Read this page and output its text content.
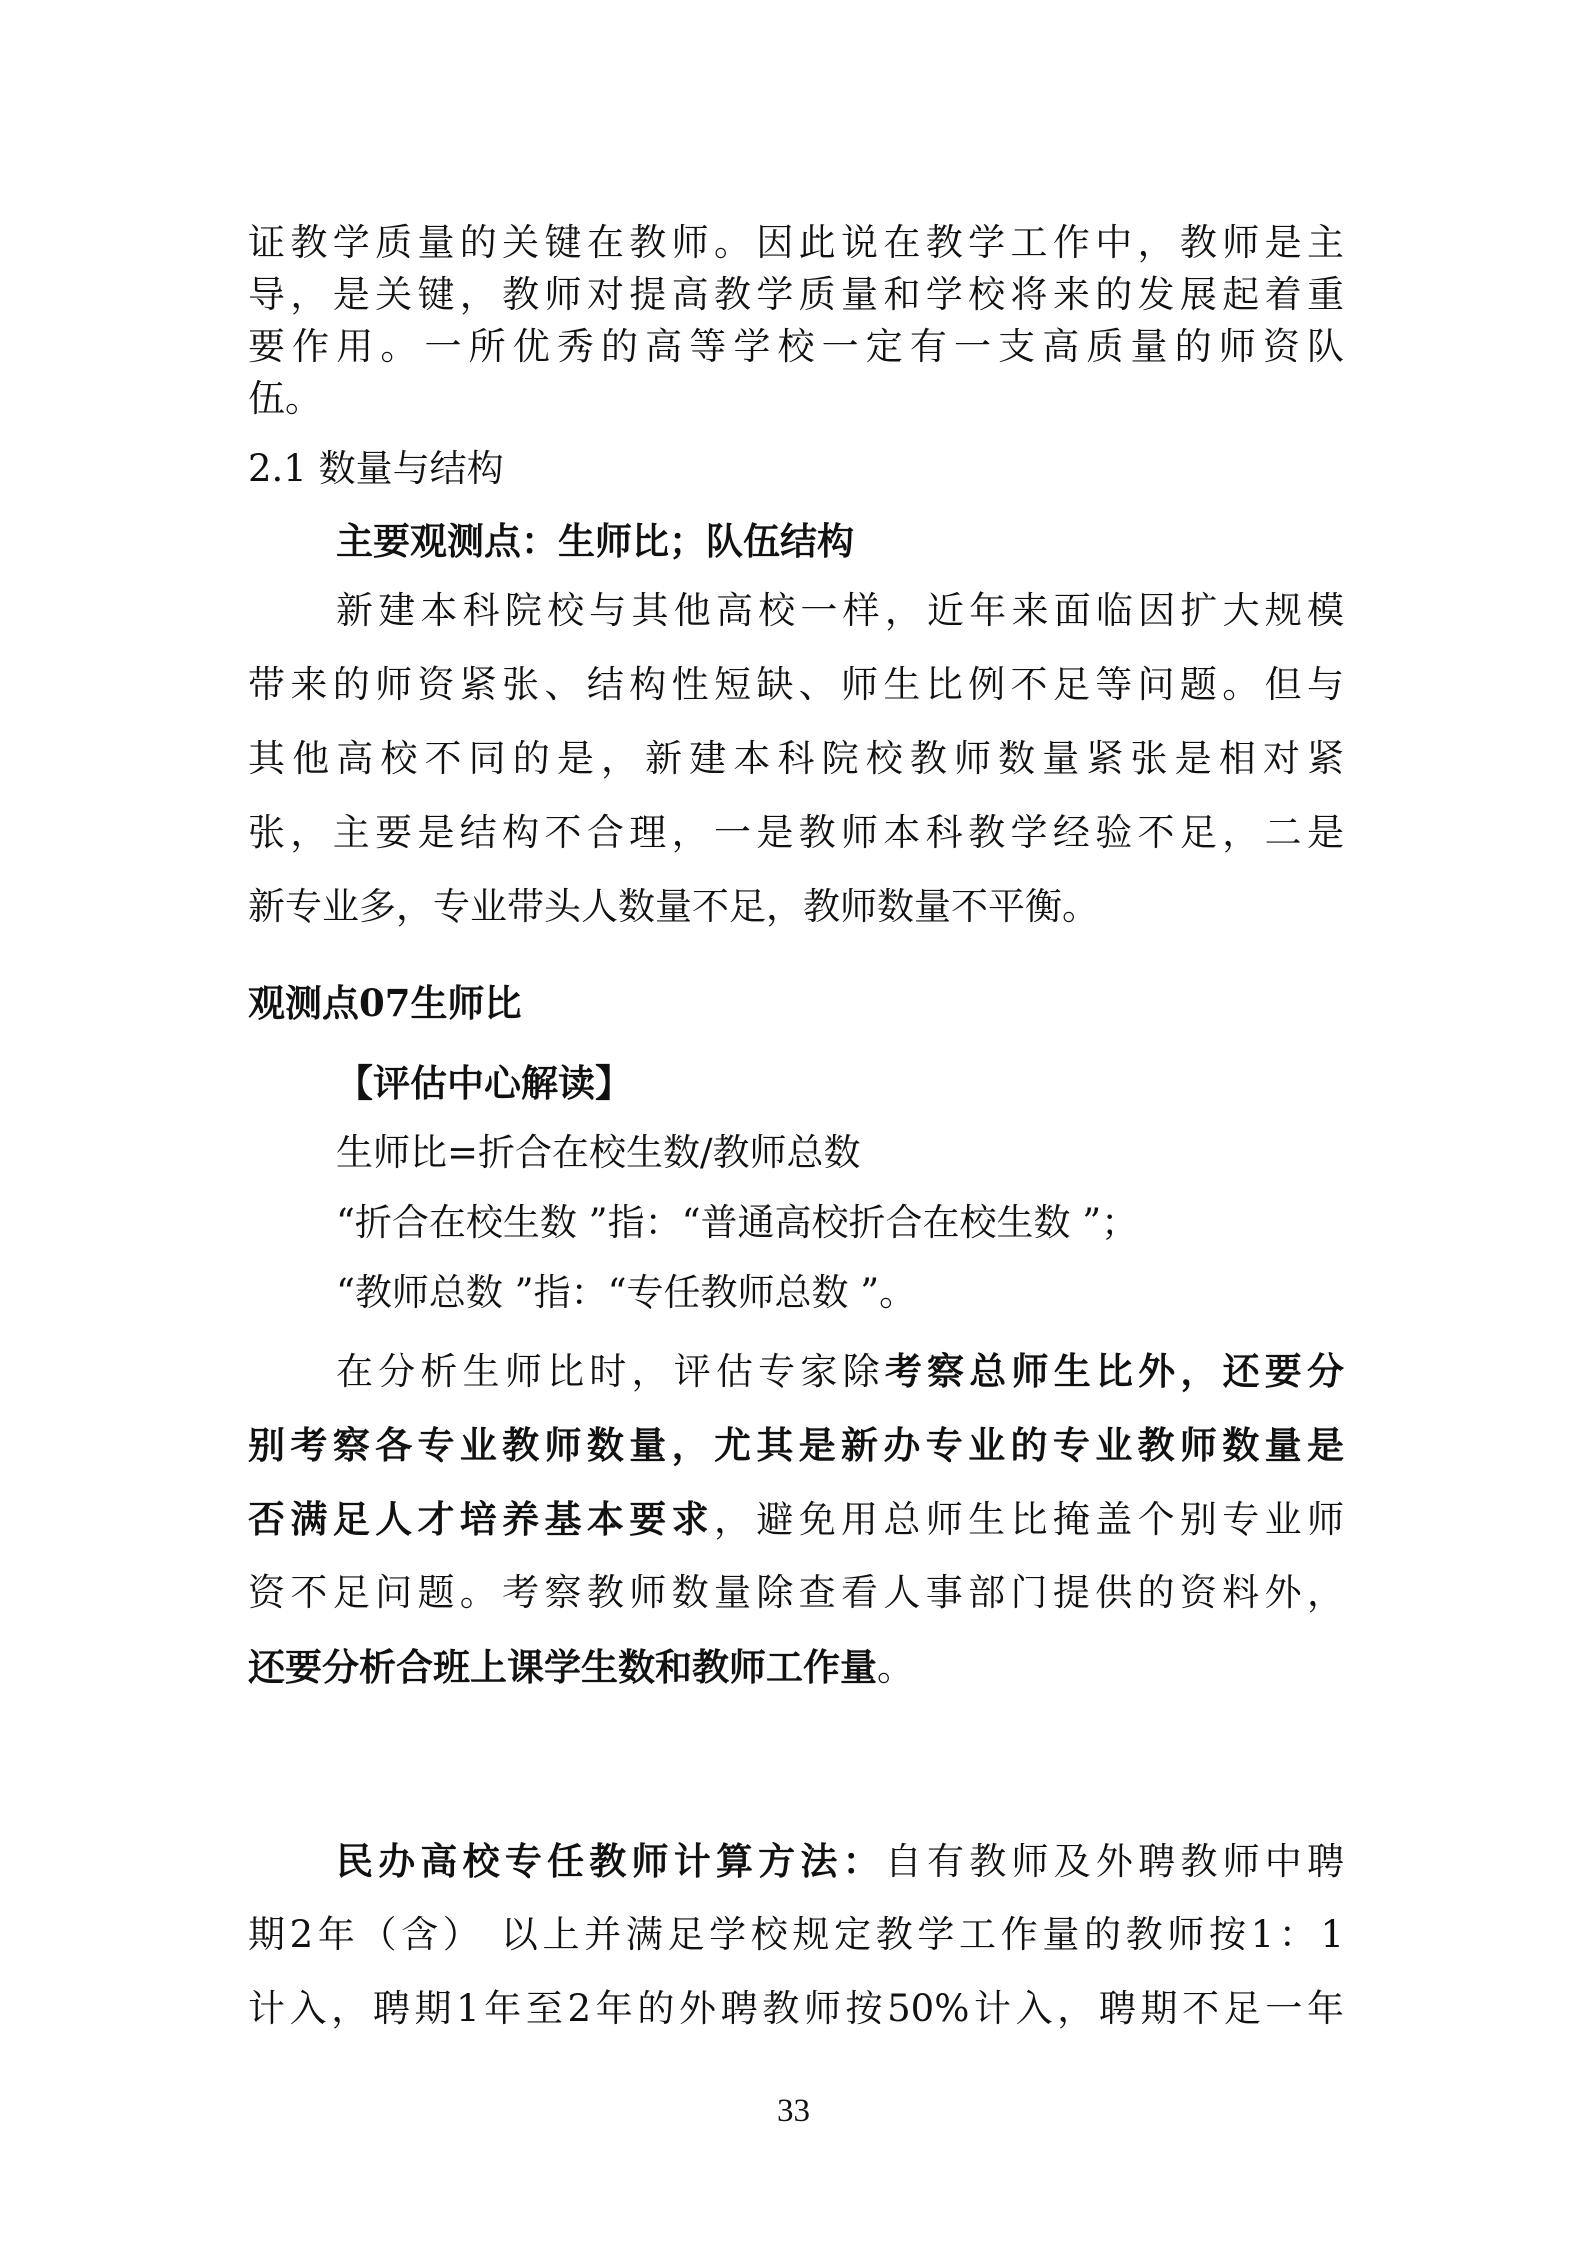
证教学质量的关键在教师。因此说在教学工作中，教师是主
导，是关键，教师对提高教学质量和学校将来的发展起着重
要作用。一所优秀的高等学校一定有一支高质量的师资队
伍。
2.1 数量与结构
主要观测点：生师比；队伍结构
新建本科院校与其他高校一样，近年来面临因扩大规模
带来的师资紧张、结构性短缺、师生比例不足等问题。但与
其他高校不同的是，新建本科院校教师数量紧张是相对紧
张，主要是结构不合理，一是教师本科教学经验不足，二是
新专业多，专业带头人数量不足，教师数量不平衡。
观测点07生师比
【评估中心解读】
生师比=折合在校生数/教师总数
“折合在校生数 ”指：“普通高校折合在校生数 ”；
“教师总数 ”指：“专任教师总数 ”。
在分析生师比时，评估专家除考察总师生比外，还要分
别考察各专业教师数量，尤其是新办专业的专业教师数量是
否满足人才培养基本要求，避免用总师生比掩盖个别专业师
资不足问题。考察教师数量除查看人事部门提供的资料外，
还要分析合班上课学生数和教师工作量。
民办高校专任教师计算方法：自有教师及外聘教师中聘
期2年（含） 以上并满足学校规定教学工作量的教师按1：1
计入，聘期1年至2年的外聘教师按50%计入，聘期不足一年
33
